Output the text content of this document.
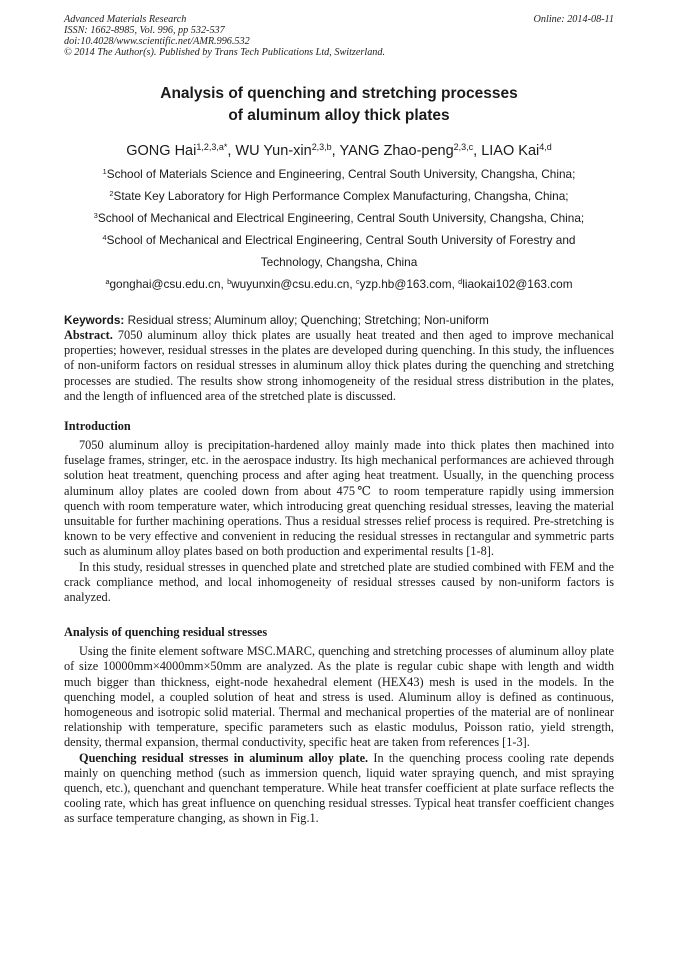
Advanced Materials Research
ISSN: 1662-8985, Vol. 996, pp 532-537
doi:10.4028/www.scientific.net/AMR.996.532
© 2014 The Author(s). Published by Trans Tech Publications Ltd, Switzerland.
Online: 2014-08-11
Analysis of quenching and stretching processes
of aluminum alloy thick plates
GONG Hai$^{1,2,3,a*}$, WU Yun-xin$^{2,3,b}$, YANG Zhao-peng$^{2,3,c}$, LIAO Kai$^{4,d}$
$^1$School of Materials Science and Engineering, Central South University, Changsha, China;
$^2$State Key Laboratory for High Performance Complex Manufacturing, Changsha, China;
$^3$School of Mechanical and Electrical Engineering, Central South University, Changsha, China;
$^4$School of Mechanical and Electrical Engineering, Central South University of Forestry and Technology, Changsha, China
$^a$gonghai@csu.edu.cn, $^b$wuyunxin@csu.edu.cn, $^c$yzp.hb@163.com, $^d$liaokai102@163.com
Keywords: Residual stress; Aluminum alloy; Quenching; Stretching; Non-uniform

Abstract. 7050 aluminum alloy thick plates are usually heat treated and then aged to improve mechanical properties; however, residual stresses in the plates are developed during quenching. In this study, the influences of non-uniform factors on residual stresses in aluminum alloy thick plates during the quenching and stretching processes are studied. The results show strong inhomogeneity of the residual stress distribution in the plates, and the length of influenced area of the stretched plate is discussed.

Introduction

7050 aluminum alloy is precipitation-hardened alloy mainly made into thick plates then machined into fuselage frames, stringer, etc. in the aerospace industry. Its high mechanical performances are achieved through solution heat treatment, quenching process and after aging heat treatment. Usually, in the quenching process aluminum alloy plates are cooled down from about 475℃ to room temperature rapidly using immersion quench with room temperature water, which introducing great quenching residual stresses, leaving the material unsuitable for further machining operations. Thus a residual stresses relief process is required. Pre-stretching is known to be very effective and convenient in reducing the residual stresses in rectangular and symmetric parts such as aluminum alloy plates based on both production and experimental results [1-8].

In this study, residual stresses in quenched plate and stretched plate are studied combined with FEM and the crack compliance method, and local inhomogeneity of residual stresses caused by non-uniform factors is analyzed.

Analysis of quenching residual stresses

Using the finite element software MSC.MARC, quenching and stretching processes of aluminum alloy plate of size 10000mm×4000mm×50mm are analyzed. As the plate is regular cubic shape with length and width much bigger than thickness, eight-node hexahedral element (HEX43) mesh is used in the models. In the quenching model, a coupled solution of heat and stress is used. Aluminum alloy is defined as continuous, homogeneous and isotropic solid material. Thermal and mechanical properties of the material are of nonlinear relationship with temperature, specific parameters such as elastic modulus, Poisson ratio, yield strength, density, thermal expansion, thermal conductivity, specific heat are taken from references [1-3].

Quenching residual stresses in aluminum alloy plate. In the quenching process cooling rate depends mainly on quenching method (such as immersion quench, liquid water spraying quench, and mist spraying quench, etc.), quenchant and quenchant temperature. While heat transfer coefficient at plate surface reflects the cooling rate, which has great influence on quenching residual stresses. Typical heat transfer coefficient changes as surface temperature changing, as shown in Fig.1.
